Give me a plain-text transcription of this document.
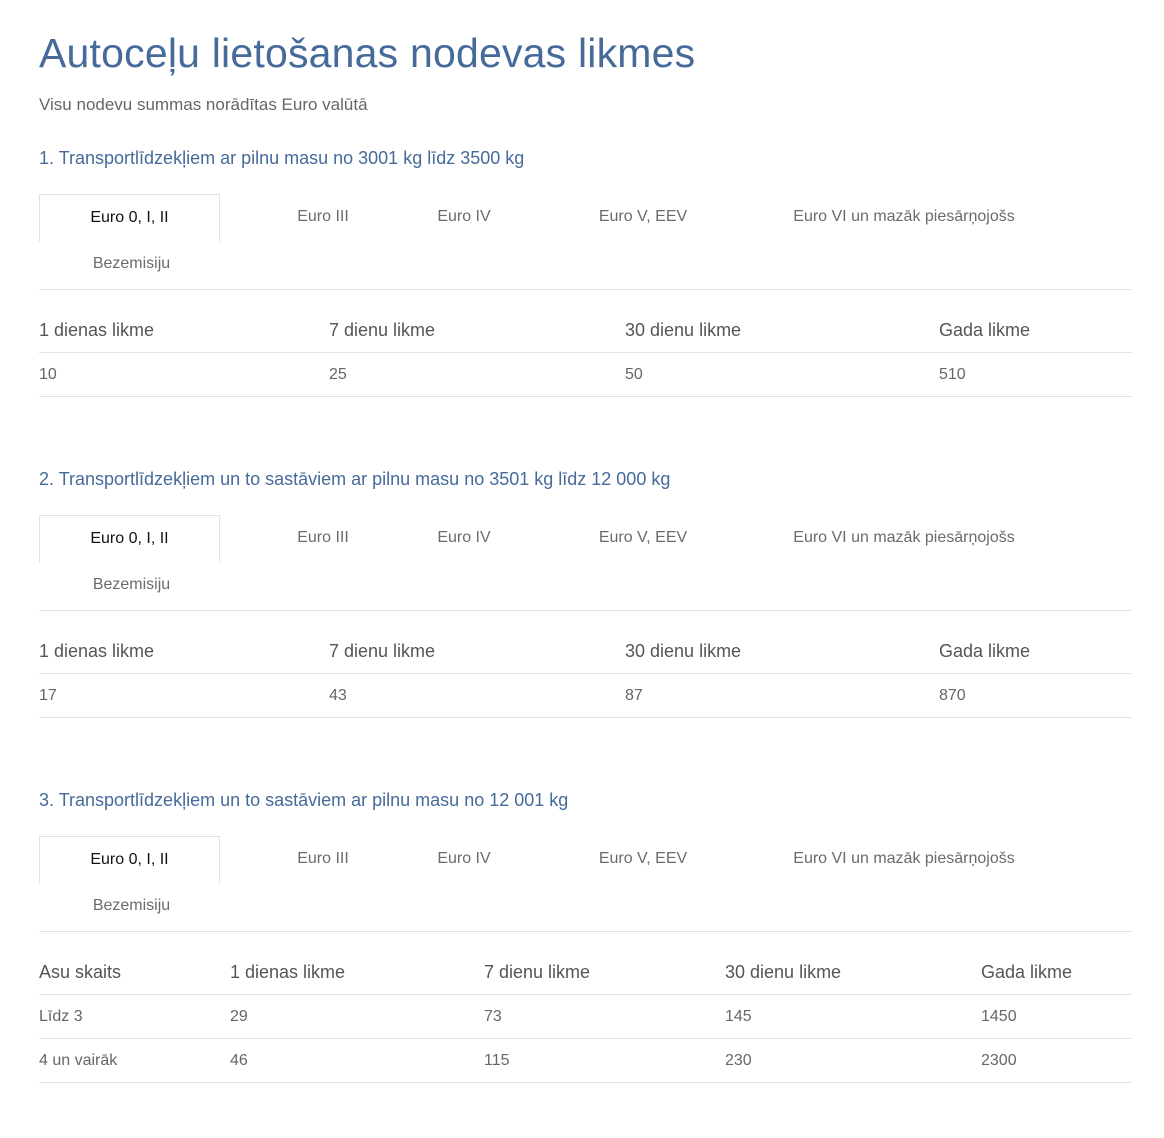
Autoceļu lietošanas nodevas likmes

Visu nodevu summas norādītas Euro valūtā

1. Transportlīdzekļiem ar pilnu masu no 3001 kg līdz 3500 kg
Euro 0, I, II	Euro III	Euro IV	Euro V, EEV	Euro VI un mazāk piesārņojošs
Bezemisiju
1 dienas likme	7 dienu likme	30 dienu likme	Gada likme
10	25	50	510
2. Transportlīdzekļiem un to sastāviem ar pilnu masu no 3501 kg līdz 12 000 kg
Euro 0, I, II	Euro III	Euro IV	Euro V, EEV	Euro VI un mazāk piesārņojošs
Bezemisiju
1 dienas likme	7 dienu likme	30 dienu likme	Gada likme
17	43	87	870
3. Transportlīdzekļiem un to sastāviem ar pilnu masu no 12 001 kg
Euro 0, I, II	Euro III	Euro IV	Euro V, EEV	Euro VI un mazāk piesārņojošs
Bezemisiju
Asu skaits	1 dienas likme	7 dienu likme	30 dienu likme	Gada likme
Līdz 3	29	73	145	1450
4 un vairāk	46	115	230	2300
